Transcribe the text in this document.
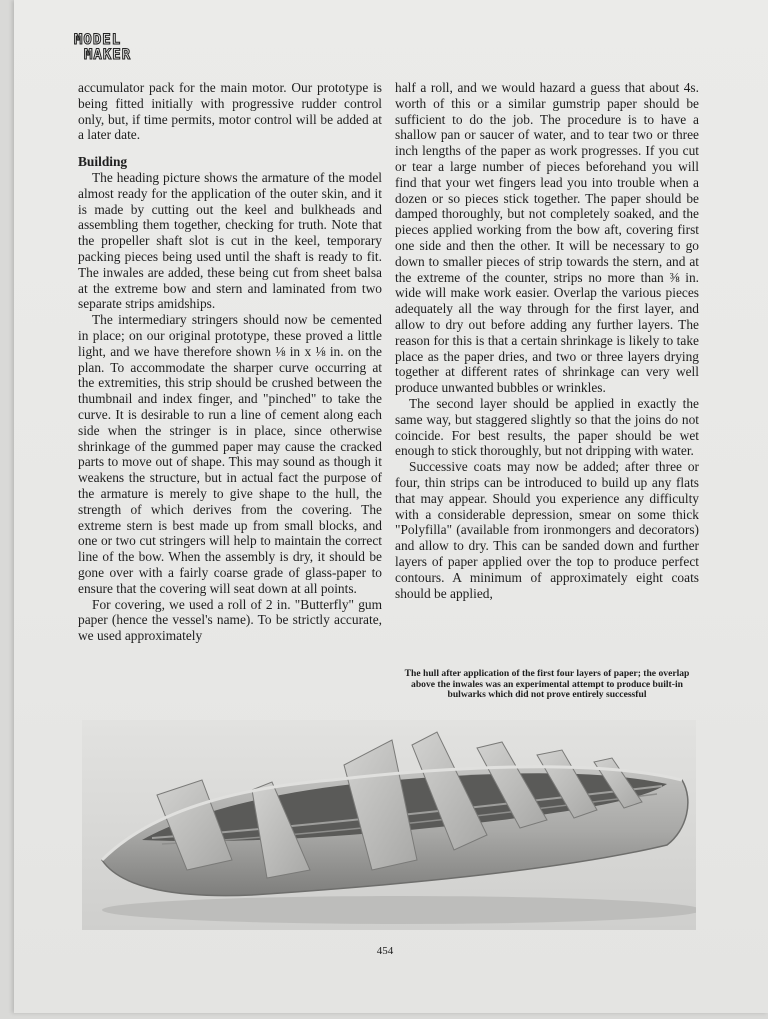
MODEL
MAKER

accumulator pack for the main motor. Our prototype is being fitted initially with progressive rudder control only, but, if time permits, motor control will be added at a later date.

Building

The heading picture shows the armature of the model almost ready for the application of the outer skin, and it is made by cutting out the keel and bulkheads and assembling them together, checking for truth. Note that the propeller shaft slot is cut in the keel, temporary packing pieces being used until the shaft is ready to fit. The inwales are added, these being cut from sheet balsa at the extreme bow and stern and laminated from two separate strips amidships.

The intermediary stringers should now be cemented in place; on our original prototype, these proved a little light, and we have therefore shown ⅛ in x ⅛ in. on the plan. To accommodate the sharper curve occurring at the extremities, this strip should be crushed between the thumbnail and index finger, and "pinched" to take the curve. It is desirable to run a line of cement along each side when the stringer is in place, since otherwise shrinkage of the gummed paper may cause the cracked parts to move out of shape. This may sound as though it weakens the structure, but in actual fact the purpose of the armature is merely to give shape to the hull, the strength of which derives from the covering. The extreme stern is best made up from small blocks, and one or two cut stringers will help to maintain the correct line of the bow. When the assembly is dry, it should be gone over with a fairly coarse grade of glass-paper to ensure that the covering will seat down at all points.

For covering, we used a roll of 2 in. "Butterfly" gum paper (hence the vessel's name). To be strictly accurate, we used approximately

half a roll, and we would hazard a guess that about 4s. worth of this or a similar gumstrip paper should be sufficient to do the job. The procedure is to have a shallow pan or saucer of water, and to tear two or three inch lengths of the paper as work progresses. If you cut or tear a large number of pieces beforehand you will find that your wet fingers lead you into trouble when a dozen or so pieces stick together. The paper should be damped thoroughly, but not completely soaked, and the pieces applied working from the bow aft, covering first one side and then the other. It will be necessary to go down to smaller pieces of strip towards the stern, and at the extreme of the counter, strips no more than ⅜ in. wide will make work easier. Overlap the various pieces adequately all the way through for the first layer, and allow to dry out before adding any further layers. The reason for this is that a certain shrinkage is likely to take place as the paper dries, and two or three layers drying together at different rates of shrinkage can very well produce unwanted bubbles or wrinkles.

The second layer should be applied in exactly the same way, but staggered slightly so that the joins do not coincide. For best results, the paper should be wet enough to stick thoroughly, but not dripping with water.

Successive coats may now be added; after three or four, thin strips can be introduced to build up any flats that may appear. Should you experience any difficulty with a considerable depression, smear on some thick "Polyfilla" (available from ironmongers and decorators) and allow to dry. This can be sanded down and further layers of paper applied over the top to produce perfect contours. A minimum of approximately eight coats should be applied,

The hull after application of the first four layers of paper; the overlap above the inwales was an experimental attempt to produce built-in bulwarks which did not prove entirely successful
454
